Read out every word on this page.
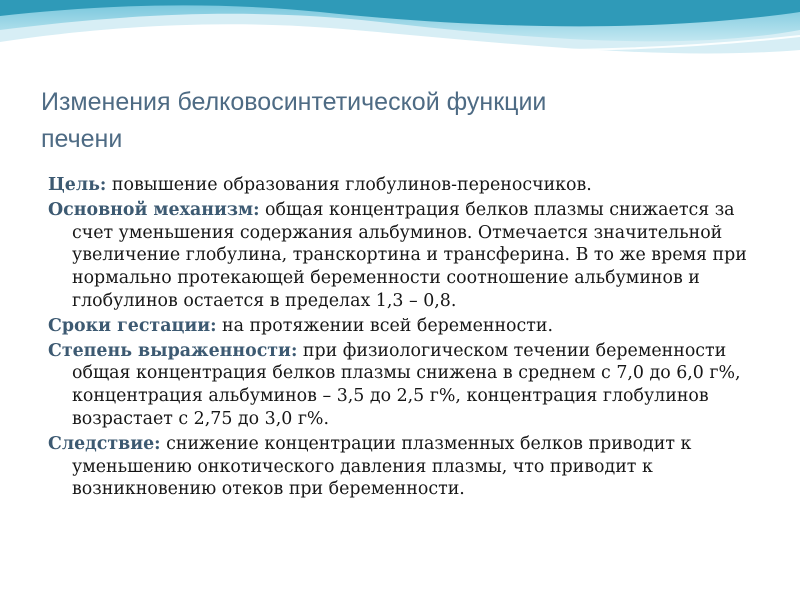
Изменения белковосинтетической функции
печени

Цель: повышение образования глобулинов-переносчиков.

Основной механизм: общая концентрация белков плазмы снижается за счет уменьшения содержания альбуминов. Отмечается значительной увеличение глобулина, транскортина и трансферина. В то же время при нормально протекающей беременности соотношение альбуминов и глобулинов остается в пределах 1,3 – 0,8.

Сроки гестации: на протяжении всей беременности.

Степень выраженности: при физиологическом течении беременности общая концентрация белков плазмы снижена в среднем с 7,0 до 6,0 г%, концентрация альбуминов – 3,5 до 2,5 г%, концентрация глобулинов возрастает с 2,75 до 3,0 г%.

Следствие: снижение концентрации плазменных белков приводит к уменьшению онкотического давления плазмы, что приводит к возникновению отеков при беременности.
